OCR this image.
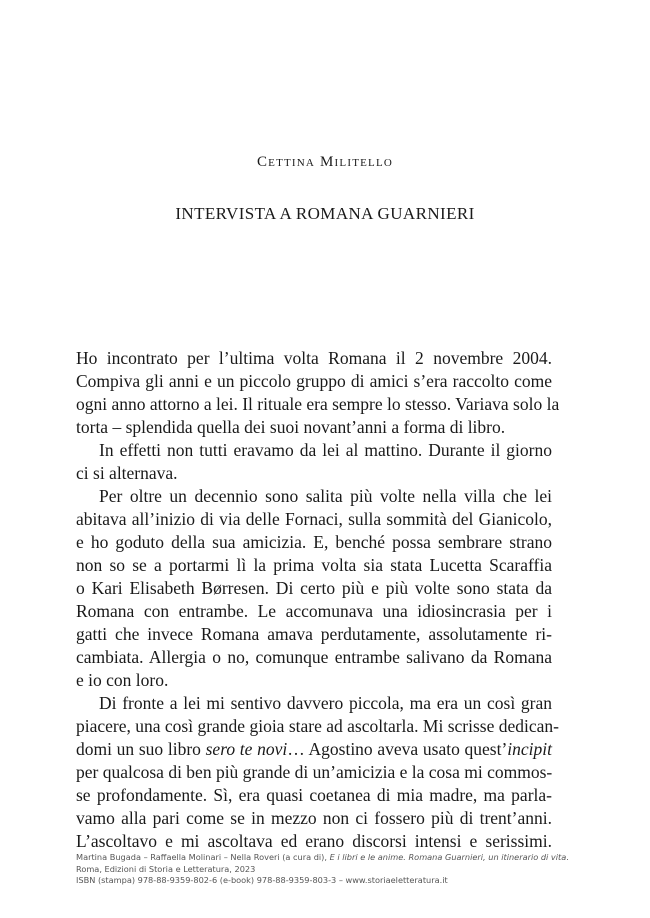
Cettina Militello
INTERVISTA A ROMANA GUARNIERI
Ho incontrato per l’ultima volta Romana il 2 novembre 2004.
Compiva gli anni e un piccolo gruppo di amici s’era raccolto come
ogni anno attorno a lei. Il rituale era sempre lo stesso. Variava solo la
torta – splendida quella dei suoi novant’anni a forma di libro.
In effetti non tutti eravamo da lei al mattino. Durante il giorno
ci si alternava.
Per oltre un decennio sono salita più volte nella villa che lei
abitava all’inizio di via delle Fornaci, sulla sommità del Gianicolo,
e ho goduto della sua amicizia. E, benché possa sembrare strano
non so se a portarmi lì la prima volta sia stata Lucetta Scaraffia
o Kari Elisabeth Børresen. Di certo più e più volte sono stata da
Romana con entrambe. Le accomunava una idiosincrasia per i
gatti che invece Romana amava perdutamente, assolutamente ri-
cambiata. Allergia o no, comunque entrambe salivano da Romana
e io con loro.
Di fronte a lei mi sentivo davvero piccola, ma era un così gran
piacere, una così grande gioia stare ad ascoltarla. Mi scrisse dedican-
domi un suo libro sero te novi… Agostino aveva usato quest’incipit
per qualcosa di ben più grande di un’amicizia e la cosa mi commos-
se profondamente. Sì, era quasi coetanea di mia madre, ma parla-
vamo alla pari come se in mezzo non ci fossero più di trent’anni.
L’ascoltavo e mi ascoltava ed erano discorsi intensi e serissimi.
Martina Bugada – Raffaella Molinari – Nella Roveri (a cura di), E i libri e le anime. Romana Guarnieri, un itinerario di vita.
Roma, Edizioni di Storia e Letteratura, 2023
ISBN (stampa) 978-88-9359-802-6 (e-book) 978-88-9359-803-3 – www.storiaeletteratura.it
